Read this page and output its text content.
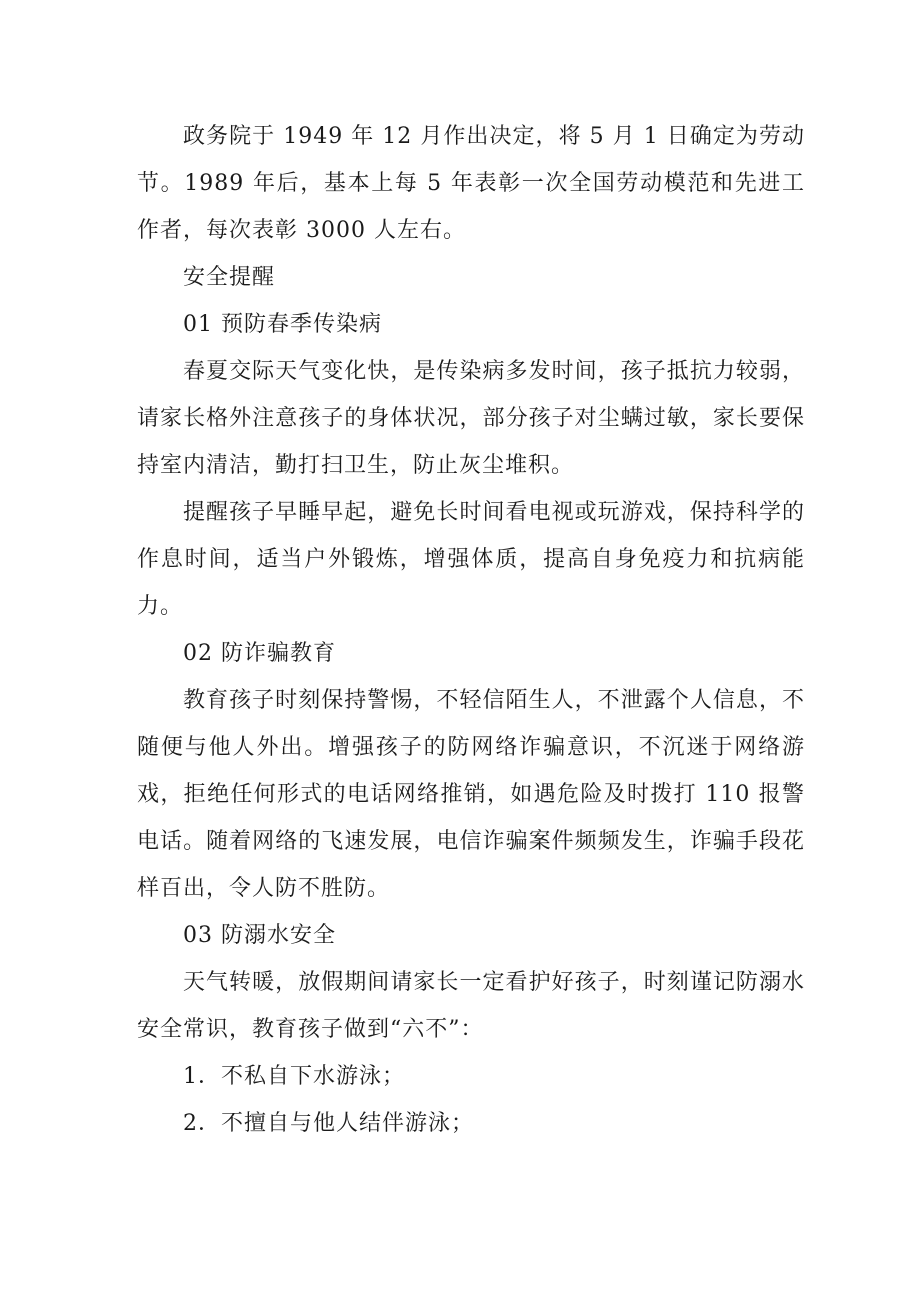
政务院于 1949 年 12 月作出决定，将 5 月 1 日确定为劳动节。1989 年后，基本上每 5 年表彰一次全国劳动模范和先进工作者，每次表彰 3000 人左右。

安全提醒

01 预防春季传染病

春夏交际天气变化快，是传染病多发时间，孩子抵抗力较弱，请家长格外注意孩子的身体状况，部分孩子对尘螨过敏，家长要保持室内清洁，勤打扫卫生，防止灰尘堆积。

提醒孩子早睡早起，避免长时间看电视或玩游戏，保持科学的作息时间，适当户外锻炼，增强体质，提高自身免疫力和抗病能力。

02 防诈骗教育

教育孩子时刻保持警惕，不轻信陌生人，不泄露个人信息，不随便与他人外出。增强孩子的防网络诈骗意识，不沉迷于网络游戏，拒绝任何形式的电话网络推销，如遇危险及时拨打 110 报警电话。随着网络的飞速发展，电信诈骗案件频频发生，诈骗手段花样百出，令人防不胜防。

03 防溺水安全

天气转暖，放假期间请家长一定看护好孩子，时刻谨记防溺水安全常识，教育孩子做到“六不”：

1．不私自下水游泳；

2．不擅自与他人结伴游泳；
